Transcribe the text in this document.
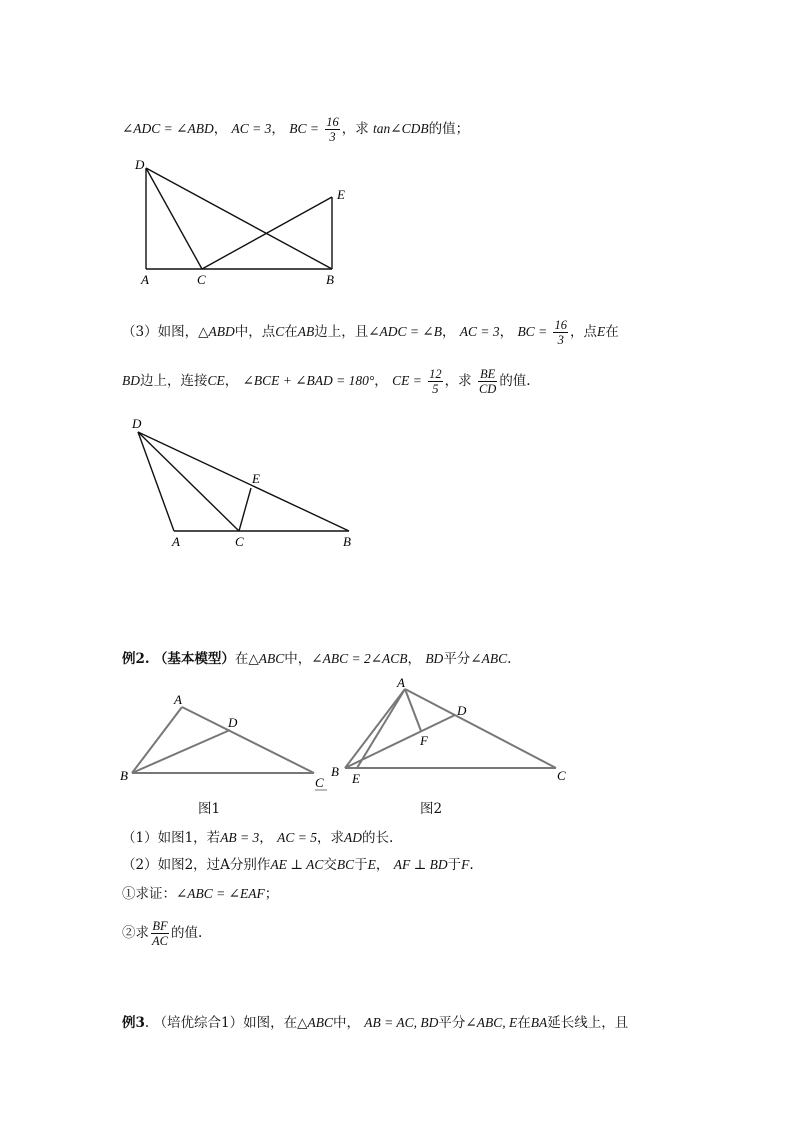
∠ADC = ∠ABD， AC = 3， BC = $\frac{16}{3}$ ，求 tan∠CDB的值；
D
E
A	C	B
（3）如图，△ABD中，点C在AB边上，且∠ADC = ∠B， AC = 3， BC = $\frac{16}{3}$ ，点E在
BD边上，连接CE， ∠BCE + ∠BAD = 180°， CE = $\frac{12}{5}$ ，求 $\frac{BE}{CD}$ 的值.
D
E
A	C	B
例2. （基本模型）在△ABC中，∠ABC = 2∠ACB， BD平分∠ABC.
A
D
B	C
图1
A
D
F
B E	C
图2
（1）如图1，若AB = 3， AC = 5，求AD的长.
（2）如图2，过A分别作AE ⊥ AC交BC于E， AF ⊥ BD于F.
①求证：∠ABC = ∠EAF；
②求 $\frac{BF}{AC}$ 的值.
例3. （培优综合1）如图，在△ABC中， AB = AC, BD平分∠ABC, E在BA延长线上，且
